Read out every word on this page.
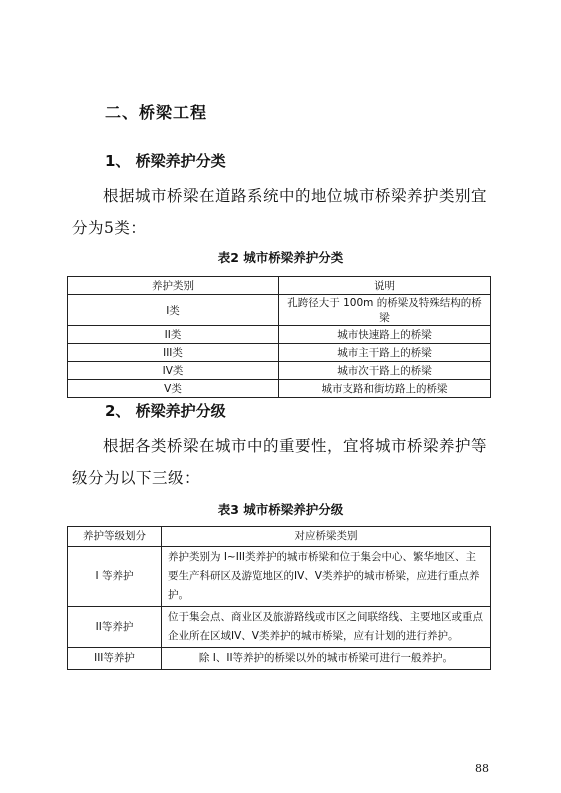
二、桥梁工程
1、 桥梁养护分类
根据城市桥梁在道路系统中的地位城市桥梁养护类别宜分为5类：
表2 城市桥梁养护分类
养护类别	说明
I类	孔跨径大于 100m 的桥梁及特殊结构的桥梁
II类	城市快速路上的桥梁
III类	城市主干路上的桥梁
IV类	城市次干路上的桥梁
V类	城市支路和街坊路上的桥梁
2、 桥梁养护分级
根据各类桥梁在城市中的重要性，宜将城市桥梁养护等级分为以下三级：
表3 城市桥梁养护分级
养护等级划分	对应桥梁类别
I 等养护	养护类别为 I~III类养护的城市桥梁和位于集会中心、繁华地区、主要生产科研区及游览地区的IV、V类养护的城市桥梁，应进行重点养护。
II等养护	位于集会点、商业区及旅游路线或市区之间联络线、主要地区或重点企业所在区域IV、V类养护的城市桥梁，应有计划的进行养护。
III等养护	除 I、II等养护的桥梁以外的城市桥梁可进行一般养护。
88
